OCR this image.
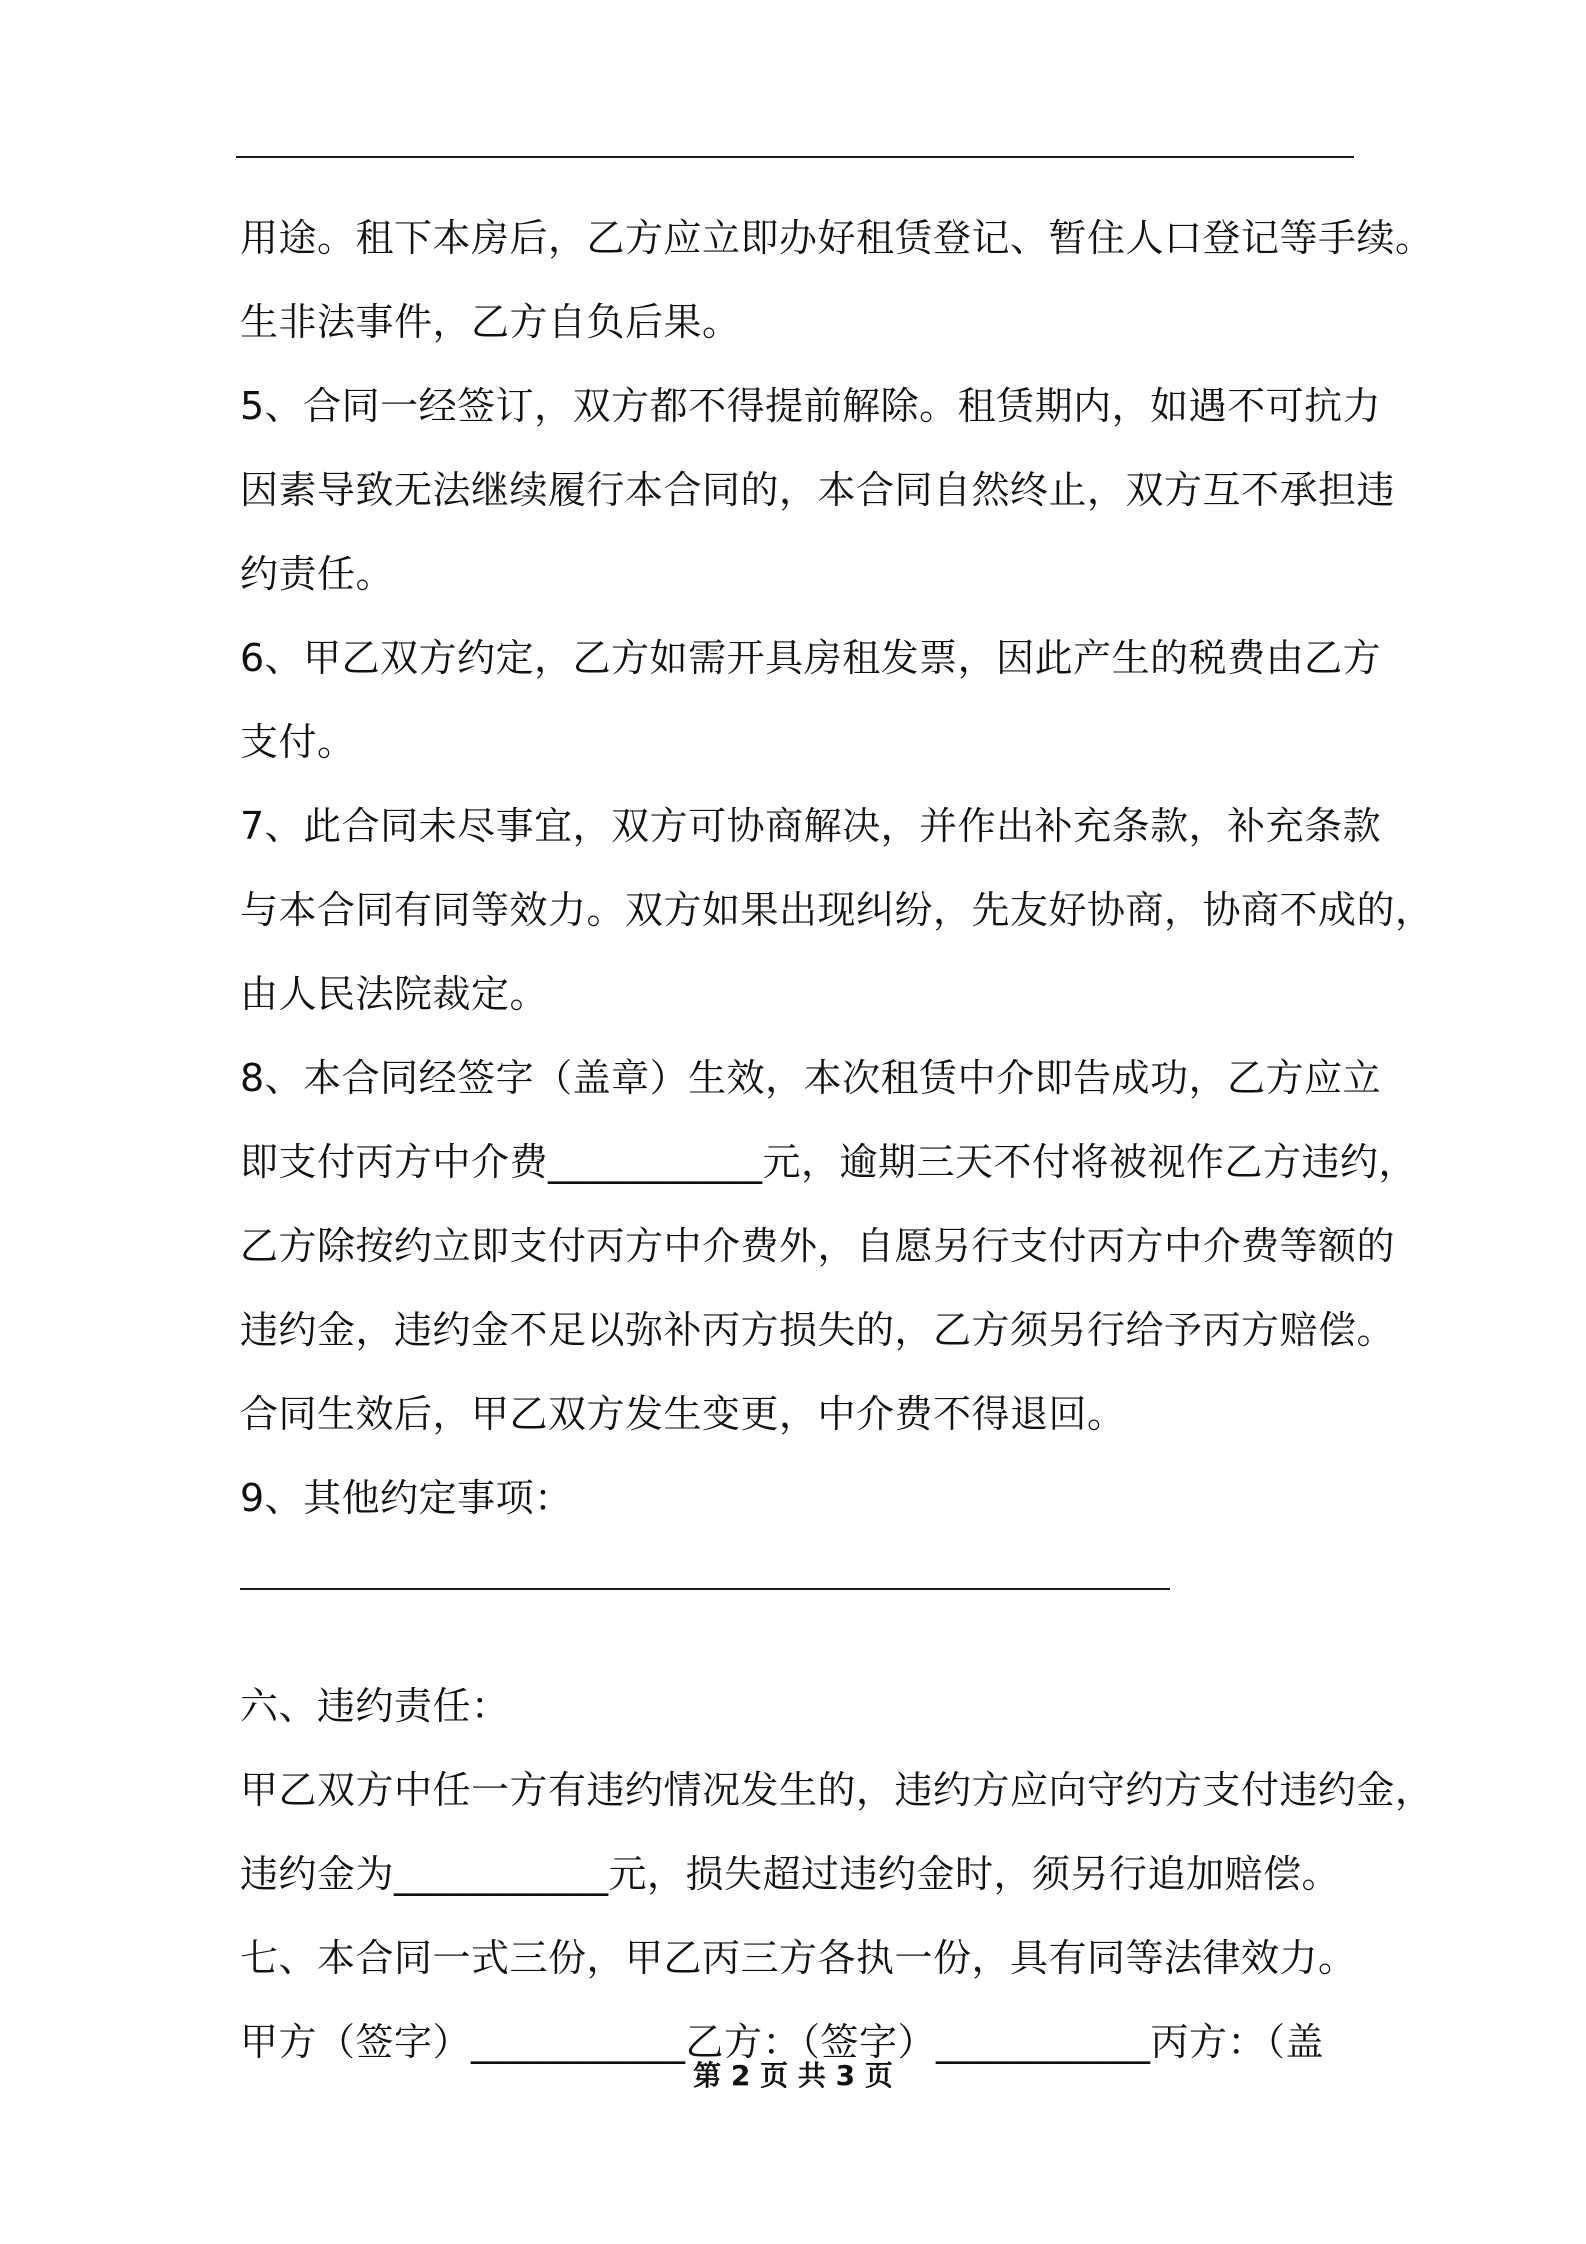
用途。租下本房后，乙方应立即办好租赁登记、暂住人口登记等手续。
生非法事件，乙方自负后果。
5、合同一经签订，双方都不得提前解除。租赁期内，如遇不可抗力
因素导致无法继续履行本合同的，本合同自然终止，双方互不承担违
约责任。
6、甲乙双方约定，乙方如需开具房租发票，因此产生的税费由乙方
支付。
7、此合同未尽事宜，双方可协商解决，并作出补充条款，补充条款
与本合同有同等效力。双方如果出现纠纷，先友好协商，协商不成的，
由人民法院裁定。
8、本合同经签字（盖章）生效，本次租赁中介即告成功，乙方应立
即支付丙方中介费___________元，逾期三天不付将被视作乙方违约，
乙方除按约立即支付丙方中介费外，自愿另行支付丙方中介费等额的
违约金，违约金不足以弥补丙方损失的，乙方须另行给予丙方赔偿。
合同生效后，甲乙双方发生变更，中介费不得退回。
9、其他约定事项：
六、违约责任：
甲乙双方中任一方有违约情况发生的，违约方应向守约方支付违约金，
违约金为___________元，损失超过违约金时，须另行追加赔偿。
七、本合同一式三份，甲乙丙三方各执一份，具有同等法律效力。
甲方（签字）___________乙方：（签字）___________丙方：（盖
第 2 页 共 3 页
